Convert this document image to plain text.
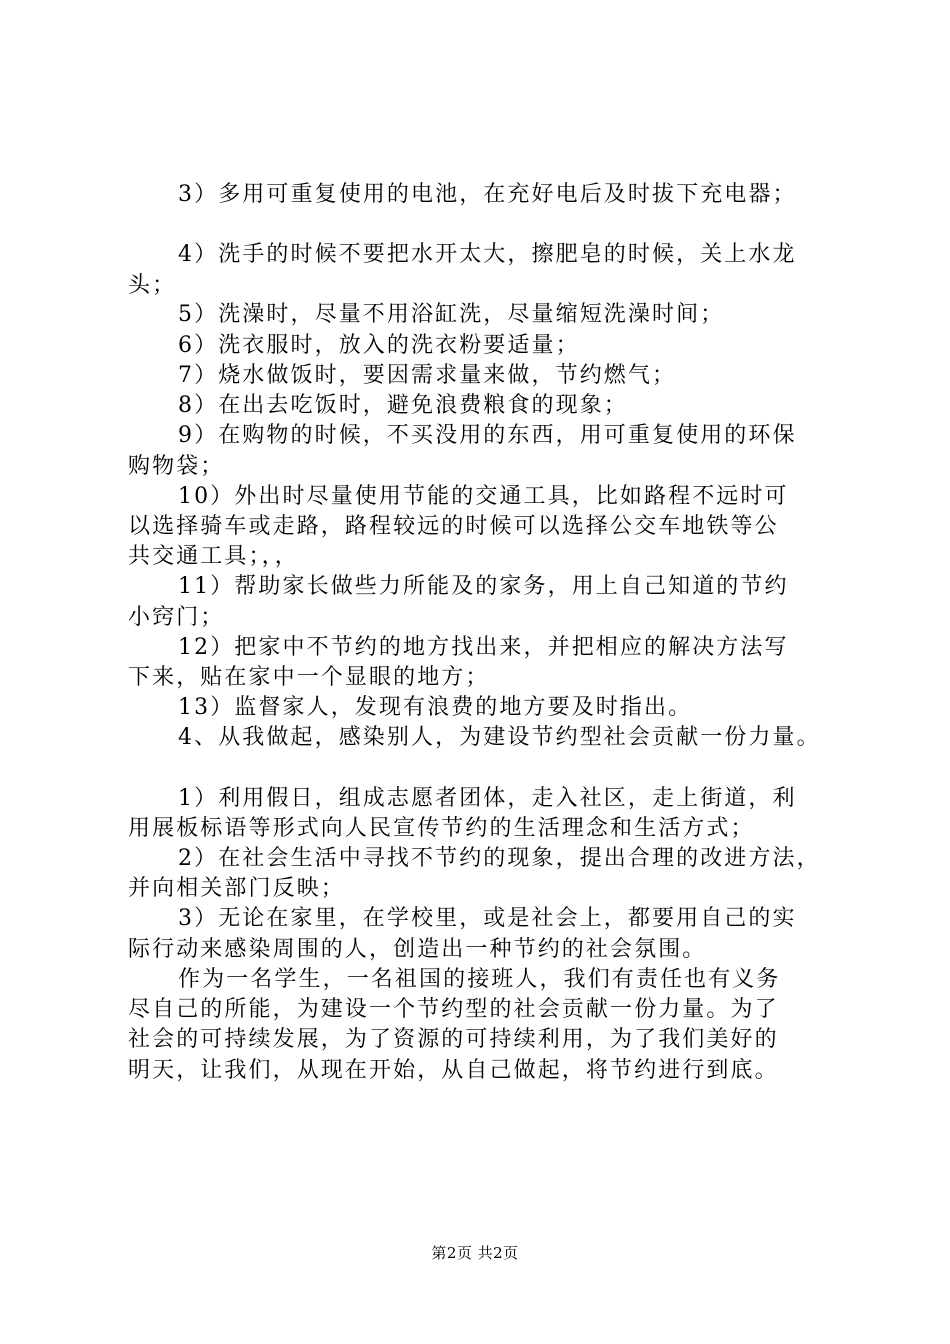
3）多用可重复使用的电池，在充好电后及时拔下充电器；
4）洗手的时候不要把水开太大，擦肥皂的时候，关上水龙
头；
5）洗澡时，尽量不用浴缸洗，尽量缩短洗澡时间；
6）洗衣服时，放入的洗衣粉要适量；
7）烧水做饭时，要因需求量来做，节约燃气；
8）在出去吃饭时，避免浪费粮食的现象；
9）在购物的时候，不买没用的东西，用可重复使用的环保
购物袋；
10）外出时尽量使用节能的交通工具，比如路程不远时可
以选择骑车或走路，路程较远的时候可以选择公交车地铁等公
共交通工具；，，
11）帮助家长做些力所能及的家务，用上自己知道的节约
小窍门；
12）把家中不节约的地方找出来，并把相应的解决方法写
下来，贴在家中一个显眼的地方；
13）监督家人，发现有浪费的地方要及时指出。
4、从我做起，感染别人，为建设节约型社会贡献一份力量。
1）利用假日，组成志愿者团体，走入社区，走上街道，利
用展板标语等形式向人民宣传节约的生活理念和生活方式；
2）在社会生活中寻找不节约的现象，提出合理的改进方法，
并向相关部门反映；
3）无论在家里，在学校里，或是社会上，都要用自己的实
际行动来感染周围的人，创造出一种节约的社会氛围。
作为一名学生，一名祖国的接班人，我们有责任也有义务
尽自己的所能，为建设一个节约型的社会贡献一份力量。为了
社会的可持续发展，为了资源的可持续利用，为了我们美好的
明天，让我们，从现在开始，从自己做起，将节约进行到底。
第2页 共2页
